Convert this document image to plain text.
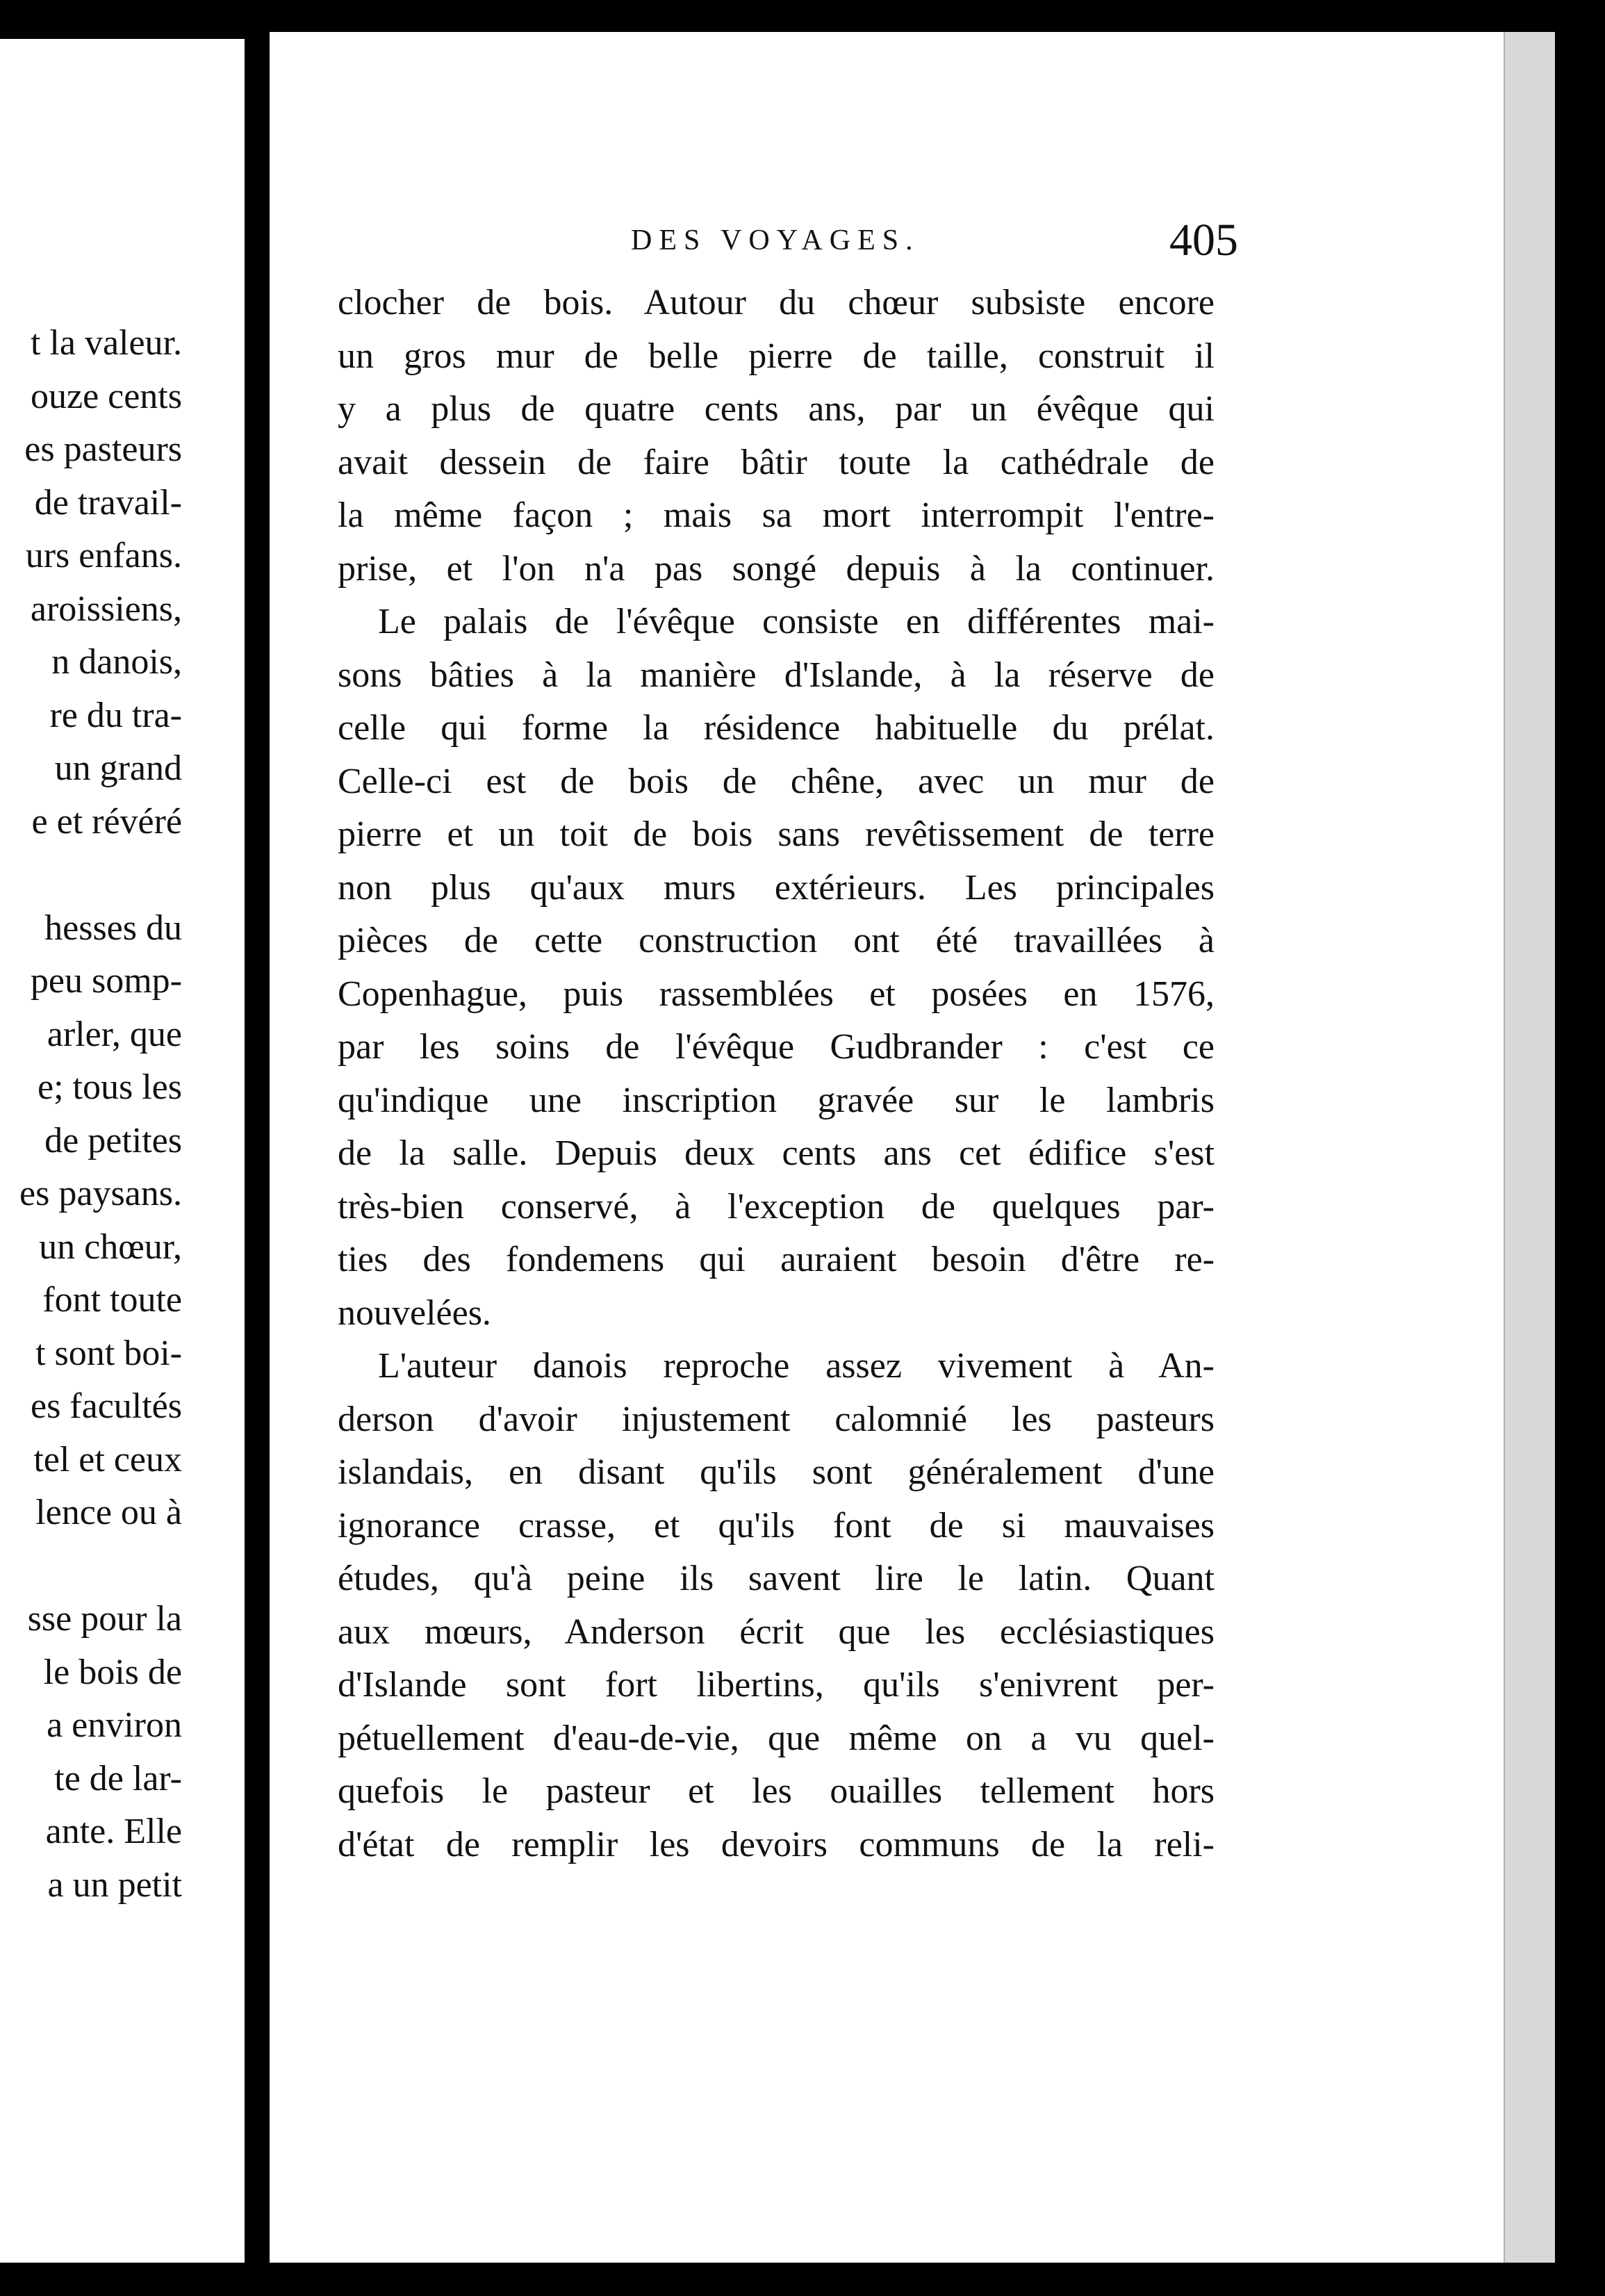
t la valeur.
ouze cents
es pasteurs
de travail-
urs enfans.
aroissiens,
n danois,
re du tra-
un grand
e et révéré
hesses du
peu somp-
arler, que
e; tous les
de petites
es paysans.
un chœur,
font toute
t sont boi-
es facultés
tel et ceux
lence ou à
sse pour la
le bois de
a environ
te de lar-
ante. Elle
a un petit
DES VOYAGES.	405
clocher de bois. Autour du chœur subsiste encore
un gros mur de belle pierre de taille, construit il
y a plus de quatre cents ans, par un évêque qui
avait dessein de faire bâtir toute la cathédrale de
la même façon ; mais sa mort interrompit l'entre-
prise, et l'on n'a pas songé depuis à la continuer.
Le palais de l'évêque consiste en différentes mai-
sons bâties à la manière d'Islande, à la réserve de
celle qui forme la résidence habituelle du prélat.
Celle-ci est de bois de chêne, avec un mur de
pierre et un toit de bois sans revêtissement de terre
non plus qu'aux murs extérieurs. Les principales
pièces de cette construction ont été travaillées à
Copenhague, puis rassemblées et posées en 1576,
par les soins de l'évêque Gudbrander : c'est ce
qu'indique une inscription gravée sur le lambris
de la salle. Depuis deux cents ans cet édifice s'est
très-bien conservé, à l'exception de quelques par-
ties des fondemens qui auraient besoin d'être re-
nouvelées.
L'auteur danois reproche assez vivement à An-
derson d'avoir injustement calomnié les pasteurs
islandais, en disant qu'ils sont généralement d'une
ignorance crasse, et qu'ils font de si mauvaises
études, qu'à peine ils savent lire le latin. Quant
aux mœurs, Anderson écrit que les ecclésiastiques
d'Islande sont fort libertins, qu'ils s'enivrent per-
pétuellement d'eau-de-vie, que même on a vu quel-
quefois le pasteur et les ouailles tellement hors
d'état de remplir les devoirs communs de la reli-
